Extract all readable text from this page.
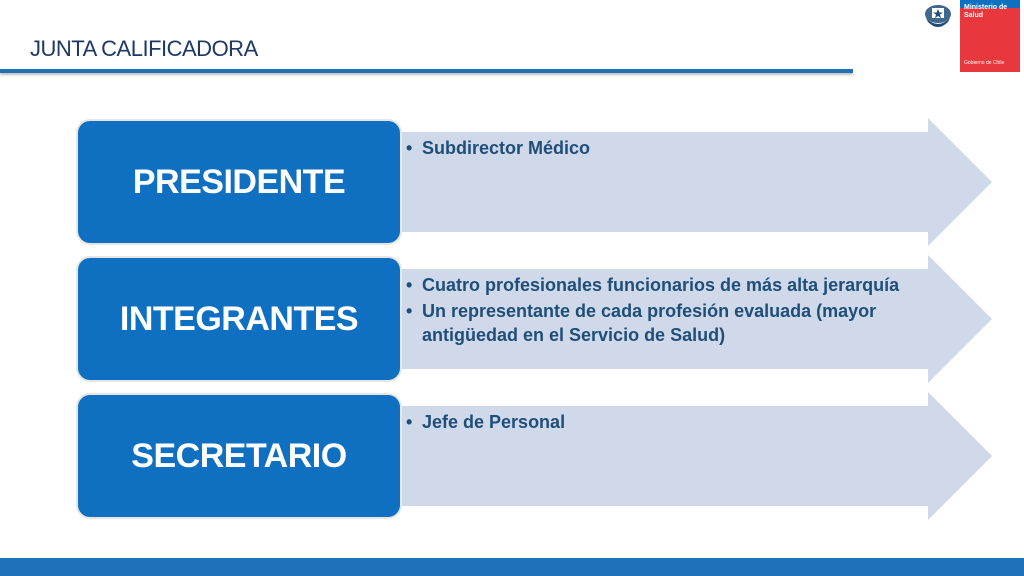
JUNTA CALIFICADORA
Ministerio de
Salud
Gobierno de Chile
PRESIDENTE
• Subdirector Médico
INTEGRANTES
• Cuatro profesionales funcionarios de más alta jerarquía
• Un representante de cada profesión evaluada (mayor antigüedad en el Servicio de Salud)
SECRETARIO
• Jefe de Personal
